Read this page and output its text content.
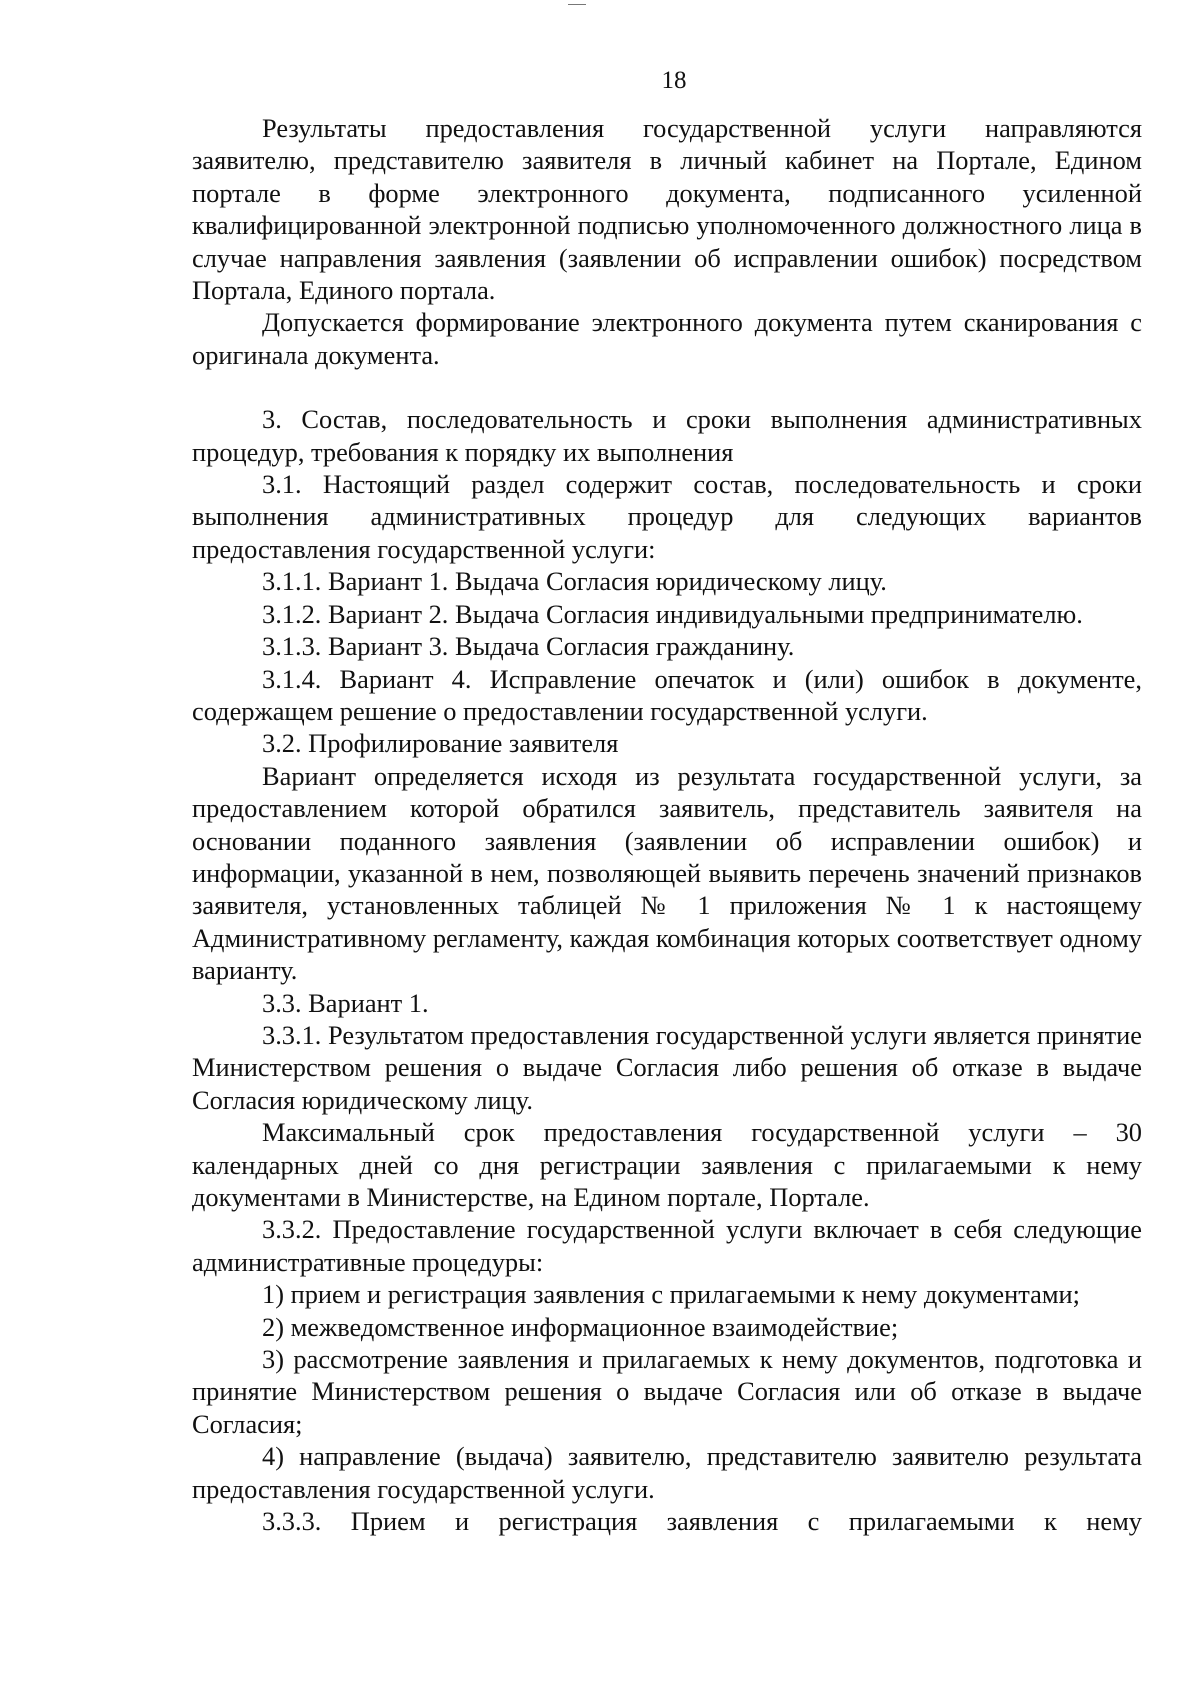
18

Результаты предоставления государственной услуги направляются заявителю, представителю заявителя в личный кабинет на Портале, Едином портале в форме электронного документа, подписанного усиленной квалифицированной электронной подписью уполномоченного должностного лица в случае направления заявления (заявлении об исправлении ошибок) посредством Портала, Единого портала.

Допускается формирование электронного документа путем сканирования с оригинала документа.

3. Состав, последовательность и сроки выполнения административных процедур, требования к порядку их выполнения

3.1. Настоящий раздел содержит состав, последовательность и сроки выполнения административных процедур для следующих вариантов предоставления государственной услуги:

3.1.1. Вариант 1. Выдача Согласия юридическому лицу.

3.1.2. Вариант 2. Выдача Согласия индивидуальными предпринимателю.

3.1.3. Вариант 3. Выдача Согласия гражданину.

3.1.4. Вариант 4. Исправление опечаток и (или) ошибок в документе, содержащем решение о предоставлении государственной услуги.

3.2. Профилирование заявителя

Вариант определяется исходя из результата государственной услуги, за предоставлением которой обратился заявитель, представитель заявителя на основании поданного заявления (заявлении об исправлении ошибок) и информации, указанной в нем, позволяющей выявить перечень значений признаков заявителя, установленных таблицей № 1 приложения № 1 к настоящему Административному регламенту, каждая комбинация которых соответствует одному варианту.

3.3. Вариант 1.

3.3.1. Результатом предоставления государственной услуги является принятие Министерством решения о выдаче Согласия либо решения об отказе в выдаче Согласия юридическому лицу.

Максимальный срок предоставления государственной услуги – 30 календарных дней со дня регистрации заявления с прилагаемыми к нему документами в Министерстве, на Едином портале, Портале.

3.3.2. Предоставление государственной услуги включает в себя следующие административные процедуры:

1) прием и регистрация заявления с прилагаемыми к нему документами;

2) межведомственное информационное взаимодействие;

3) рассмотрение заявления и прилагаемых к нему документов, подготовка и принятие Министерством решения о выдаче Согласия или об отказе в выдаче Согласия;

4) направление (выдача) заявителю, представителю заявителю результата предоставления государственной услуги.

3.3.3. Прием и регистрация заявления с прилагаемыми к нему
